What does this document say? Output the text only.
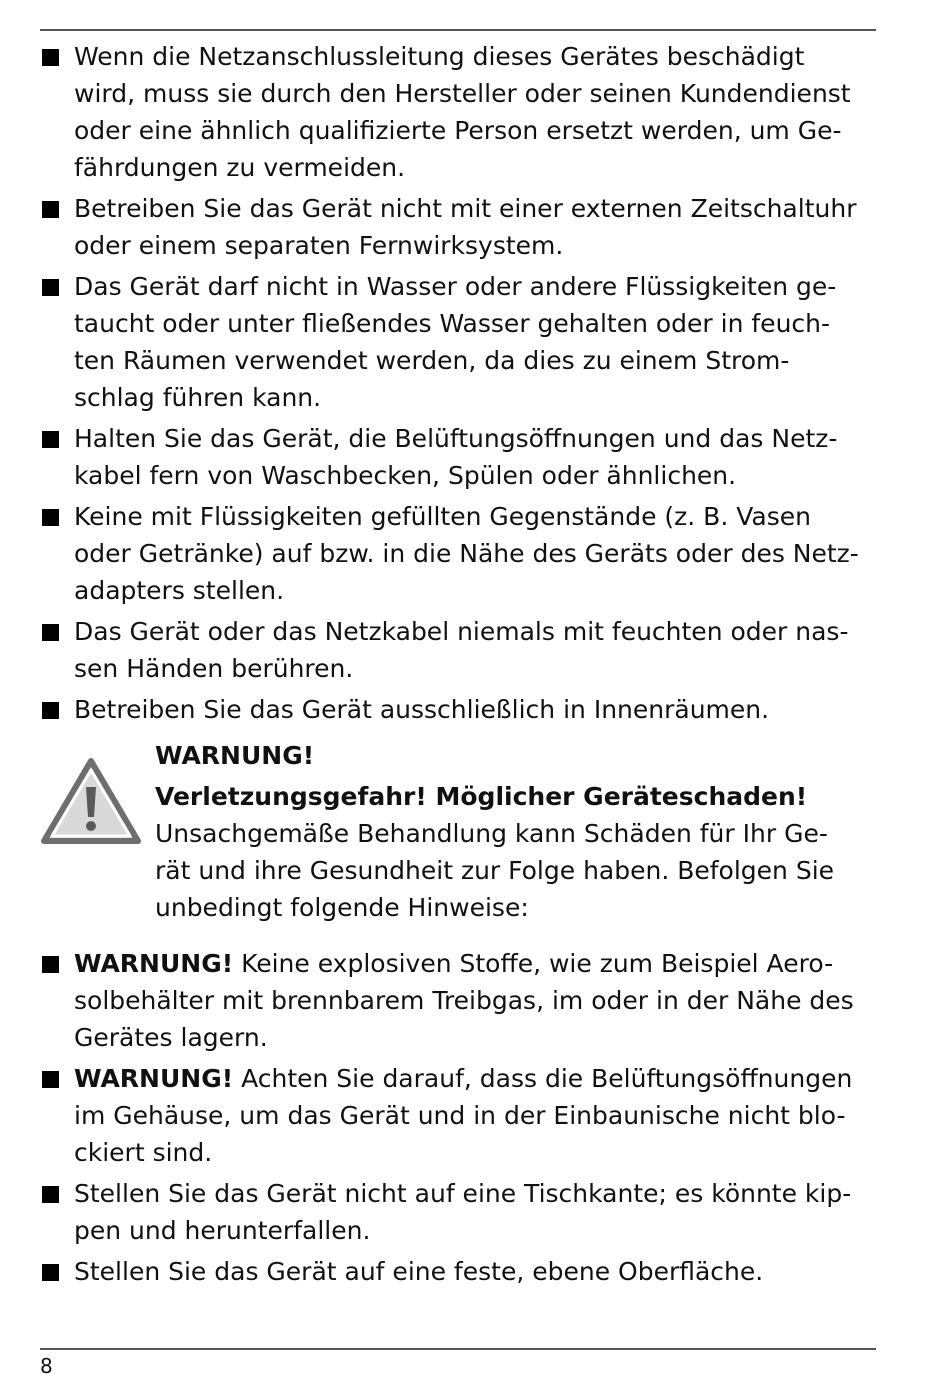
Wenn die Netzanschlussleitung dieses Gerätes beschädigt
wird, muss sie durch den Hersteller oder seinen Kundendienst
oder eine ähnlich qualifizierte Person ersetzt werden, um Ge-
fährdungen zu vermeiden.
Betreiben Sie das Gerät nicht mit einer externen Zeitschaltuhr
oder einem separaten Fernwirksystem.
Das Gerät darf nicht in Wasser oder andere Flüssigkeiten ge-
taucht oder unter fließendes Wasser gehalten oder in feuch-
ten Räumen verwendet werden, da dies zu einem Strom-
schlag führen kann.
Halten Sie das Gerät, die Belüftungsöffnungen und das Netz-
kabel fern von Waschbecken, Spülen oder ähnlichen.
Keine mit Flüssigkeiten gefüllten Gegenstände (z. B. Vasen
oder Getränke) auf bzw. in die Nähe des Geräts oder des Netz-
adapters stellen.
Das Gerät oder das Netzkabel niemals mit feuchten oder nas-
sen Händen berühren.
Betreiben Sie das Gerät ausschließlich in Innenräumen.
WARNUNG!
Verletzungsgefahr! Möglicher Geräteschaden!
Unsachgemäße Behandlung kann Schäden für Ihr Ge-
rät und ihre Gesundheit zur Folge haben. Befolgen Sie
unbedingt folgende Hinweise:
WARNUNG! Keine explosiven Stoffe, wie zum Beispiel Aero-
solbehälter mit brennbarem Treibgas, im oder in der Nähe des
Gerätes lagern.
WARNUNG! Achten Sie darauf, dass die Belüftungsöffnungen
im Gehäuse, um das Gerät und in der Einbaunische nicht blo-
ckiert sind.
Stellen Sie das Gerät nicht auf eine Tischkante; es könnte kip-
pen und herunterfallen.
Stellen Sie das Gerät auf eine feste, ebene Oberfläche.
8
